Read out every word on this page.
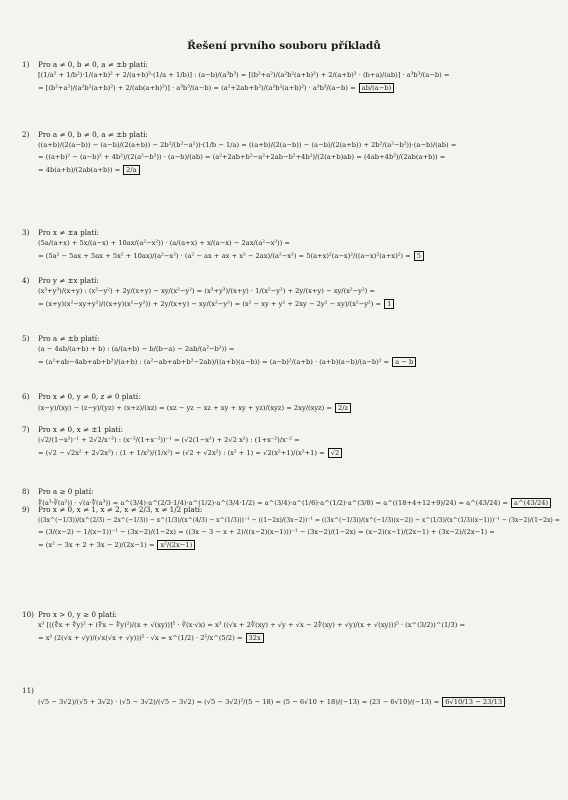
Řešení prvního souboru příkladů
1) Pro a ≠ 0, b ≠ 0, a ≠ ±b platí:
[(1/a² + 1/b²)·1/(a+b)² + 2/(a+b)³·(1/a + 1/b)] : (a−b)/(a³b³) = [(b²+a²)/(a²b²(a+b)²) + 2/(a+b)³ · (b+a)/(ab)] · a³b³/(a−b) =
= [(b²+a²)/(a²b²(a+b)²) + 2/(ab(a+b)²)] · a³b³/(a−b) = (a²+2ab+b²)/(a²b²(a+b)²) · a³b³/(a−b) = ab/(a−b)
2) Pro a ≠ 0, b ≠ 0, a ≠ ±b platí:
((a+b)/(2(a−b)) − (a−b)/(2(a+b)) − 2b²/(b²−a²))·(1/b − 1/a) = ((a+b)/(2(a−b)) − (a−b)/(2(a+b)) + 2b²/(a²−b²))·(a−b)/(ab) =
= ((a+b)² − (a−b)² + 4b²)/(2(a²−b²)) · (a−b)/(ab) = (a²+2ab+b²−a²+2ab−b²+4b²)/(2(a+b)ab) = (4ab+4b²)/(2ab(a+b)) =
= 4b(a+b)/(2ab(a+b)) = 2/a
3) Pro x ≠ ±a platí:
(5a/(a+x) + 5x/(a−x) + 10ax/(a²−x²)) · (a/(a+x) + x/(a−x) − 2ax/(a²−x²)) =
= (5a² − 5ax + 5ax + 5x² + 10ax)/(a²−x²) · (a² − ax + ax + x² − 2ax)/(a²−x²) = 5(a+x)²(a−x)²/((a−x)²(a+x)²) = 5
4) Pro y ≠ ±x platí:
(x³+y³)/(x+y) : (x²−y²) + 2y/(x+y) − xy/(x²−y²) = (x³+y³)/(x+y) · 1/(x²−y²) + 2y/(x+y) − xy/(x²−y²) =
= (x+y)(x²−xy+y²)/((x+y)(x²−y²)) + 2y/(x+y) − xy/(x²−y²) = (x² − xy + y² + 2xy − 2y² − xy)/(x²−y²) = 1
5) Pro a ≠ ±b platí:
(a − 4ab/(a+b) + b) : (a/(a+b) − b/(b−a) − 2ab/(a²−b²)) =
= (a²+ab−4ab+ab+b²)/(a+b) : (a²−ab+ab+b²−2ab)/((a+b)(a−b)) = (a−b)²/(a+b) · (a+b)(a−b)/(a−b)² = a − b
6) Pro x ≠ 0, y ≠ 0, z ≠ 0 platí:
(x−y)/(xy) − (z−y)/(yz) + (x+z)/(xz) = (xz − yz − xz + xy + xy + yz)/(xyz) = 2xy/(xyz) = 2/z
7) Pro x ≠ 0, x ≠ ±1 platí:
(√2/(1−x²)⁻¹ + 2√2/x⁻²) : (x⁻²/(1+x⁻²))⁻¹ = (√2(1−x²) + 2√2 x²) : (1+x⁻²)/x⁻² =
= (√2 − √2x² + 2√2x²) : (1 + 1/x²)/(1/x²) = (√2 + √2x²) : (x² + 1) = √2(x²+1)/(x²+1) = √2
8) Pro a ≥ 0 platí:
∜(a³·∛(a²)) · √(a·∜(a³)) = a^(3/4)·a^(2/3·1/4)·a^(1/2)·a^(3/4·1/2) = a^(3/4)·a^(1/6)·a^(1/2)·a^(3/8) = a^((18+4+12+9)/24) = a^(43/24) = a^(43/24)
9) Pro x ≠ 0, x ≠ 1, x ≠ 2, x ≠ 2/3, x ≠ 1/2 platí:
((3x^(−1/3))/(x^(2/3) − 2x^(−1/3)) − x^(1/3)/(x^(4/3) − x^(1/3)))⁻¹ − ((1−2x)/(3x−2))⁻¹ = ((3x^(−1/3))/(x^(−1/3)(x−2)) − x^(1/3)/(x^(1/3)(x−1)))⁻¹ − (3x−2)/(1−2x) =
= (3/(x−2) − 1/(x−1))⁻¹ − (3x−2)/(1−2x) = ((3x − 3 − x + 2)/((x−2)(x−1)))⁻¹ − (3x−2)/(1−2x) = (x−2)(x−1)/(2x−1) + (3x−2)/(2x−1) =
= (x² − 3x + 2 + 3x − 2)/(2x−1) = x²/(2x−1)
10) Pro x > 0, y ≥ 0 platí:
x³ [((∜x + ∜y)² + (∜x − ∜y)²)/(x + √(xy))]⁵ · ∛(x·√x) = x³ ((√x + 2∜(xy) + √y + √x − 2∜(xy) + √y)/(x + √(xy)))⁵ · (x^(3/2))^(1/3) =
= x³ (2(√x + √y)/(√x(√x + √y)))⁵ · √x = x^(1/2) · 2⁵/x^(5/2) = 32x
11)
(√5 − 3√2)/(√5 + 3√2) · (√5 − 3√2)/(√5 − 3√2) = (√5 − 3√2)²/(5 − 18) = (5 − 6√10 + 18)/(−13) = (23 − 6√10)/(−13) = 6√10/13 − 23/13
